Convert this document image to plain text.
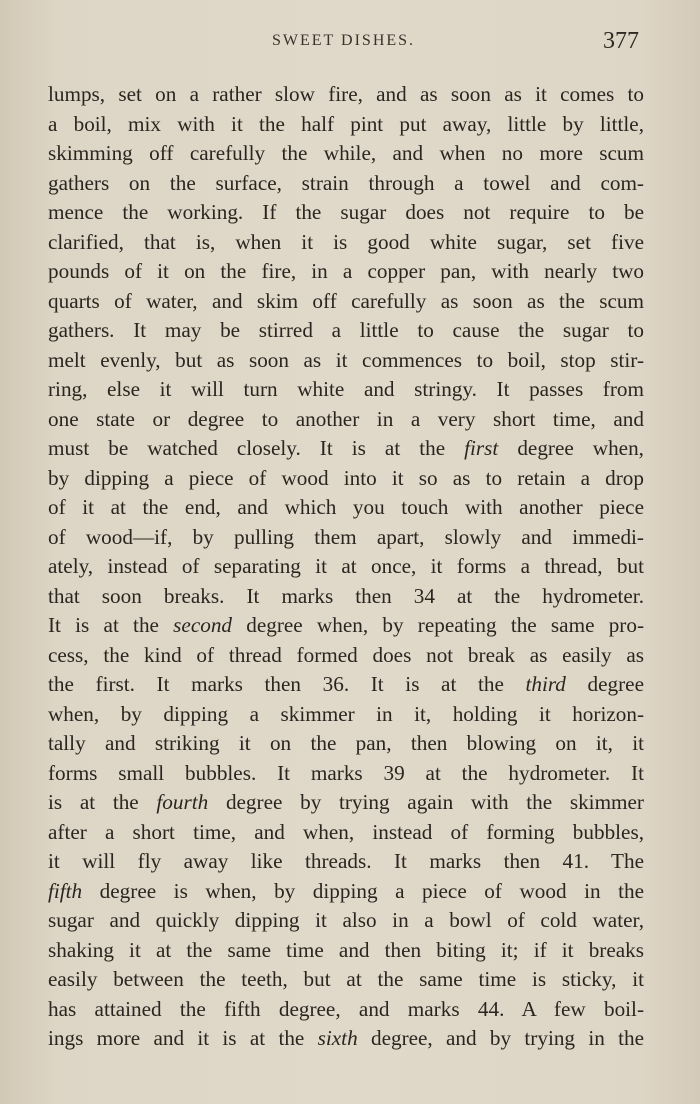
SWEET DISHES.	377
lumps, set on a rather slow fire, and as soon as it comes to
a boil, mix with it the half pint put away, little by little,
skimming off carefully the while, and when no more scum
gathers on the surface, strain through a towel and com-
mence the working. If the sugar does not require to be
clarified, that is, when it is good white sugar, set five
pounds of it on the fire, in a copper pan, with nearly two
quarts of water, and skim off carefully as soon as the scum
gathers. It may be stirred a little to cause the sugar to
melt evenly, but as soon as it commences to boil, stop stir-
ring, else it will turn white and stringy. It passes from
one state or degree to another in a very short time, and
must be watched closely. It is at the first degree when,
by dipping a piece of wood into it so as to retain a drop
of it at the end, and which you touch with another piece
of wood—if, by pulling them apart, slowly and immedi-
ately, instead of separating it at once, it forms a thread, but
that soon breaks. It marks then 34 at the hydrometer.
It is at the second degree when, by repeating the same pro-
cess, the kind of thread formed does not break as easily as
the first. It marks then 36. It is at the third degree
when, by dipping a skimmer in it, holding it horizon-
tally and striking it on the pan, then blowing on it, it
forms small bubbles. It marks 39 at the hydrometer. It
is at the fourth degree by trying again with the skimmer
after a short time, and when, instead of forming bubbles,
it will fly away like threads. It marks then 41. The
fifth degree is when, by dipping a piece of wood in the
sugar and quickly dipping it also in a bowl of cold water,
shaking it at the same time and then biting it; if it breaks
easily between the teeth, but at the same time is sticky, it
has attained the fifth degree, and marks 44. A few boil-
ings more and it is at the sixth degree, and by trying in the
